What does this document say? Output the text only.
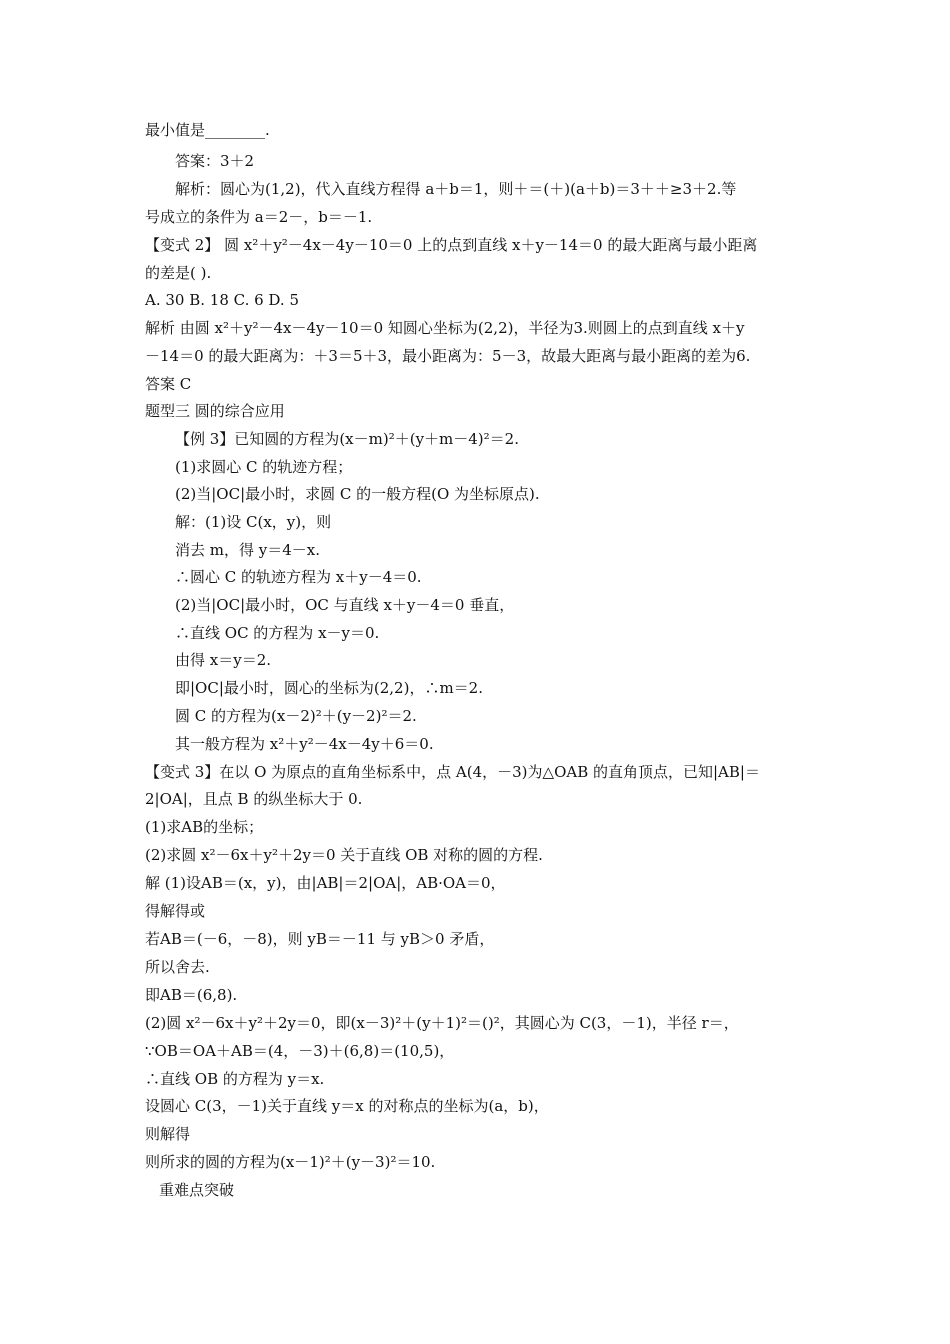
最小值是________.
答案：3＋2
解析：圆心为(1,2)，代入直线方程得 a＋b＝1，则＋＝(＋)(a＋b)＝3＋＋≥3＋2.等
号成立的条件为 a＝2－，b＝－1.
【变式 2】 圆 x²＋y²－4x－4y－10＝0 上的点到直线 x＋y－14＝0 的最大距离与最小距离
的差是( ).
A. 30 B. 18 C. 6 D. 5
解析 由圆 x²＋y²－4x－4y－10＝0 知圆心坐标为(2,2)，半径为3.则圆上的点到直线 x＋y
－14＝0 的最大距离为：＋3＝5＋3，最小距离为：5－3，故最大距离与最小距离的差为6.
答案 C
题型三 圆的综合应用
【例 3】已知圆的方程为(x－m)²＋(y＋m－4)²＝2.
(1)求圆心 C 的轨迹方程；
(2)当|OC|最小时，求圆 C 的一般方程(O 为坐标原点).
解：(1)设 C(x，y)，则
消去 m，得 y＝4－x.
∴圆心 C 的轨迹方程为 x＋y－4＝0.
(2)当|OC|最小时，OC 与直线 x＋y－4＝0 垂直，
∴直线 OC 的方程为 x－y＝0.
由得 x＝y＝2.
即|OC|最小时，圆心的坐标为(2,2)，∴m＝2.
圆 C 的方程为(x－2)²＋(y－2)²＝2.
其一般方程为 x²＋y²－4x－4y＋6＝0.
【变式 3】在以 O 为原点的直角坐标系中，点 A(4，－3)为△OAB 的直角顶点，已知|AB|＝
2|OA|，且点 B 的纵坐标大于 0.
(1)求AB的坐标；
(2)求圆 x²－6x＋y²＋2y＝0 关于直线 OB 对称的圆的方程.
解 (1)设AB＝(x，y)，由|AB|＝2|OA|，AB·OA＝0，
得解得或
若AB＝(－6，－8)，则 yB＝－11 与 yB＞0 矛盾，
所以舍去.
即AB＝(6,8).
(2)圆 x²－6x＋y²＋2y＝0，即(x－3)²＋(y＋1)²＝()²，其圆心为 C(3，－1)，半径 r＝，
∵OB＝OA＋AB＝(4，－3)＋(6,8)＝(10,5)，
∴直线 OB 的方程为 y＝x.
设圆心 C(3，－1)关于直线 y＝x 的对称点的坐标为(a，b)，
则解得
则所求的圆的方程为(x－1)²＋(y－3)²＝10.
重难点突破
